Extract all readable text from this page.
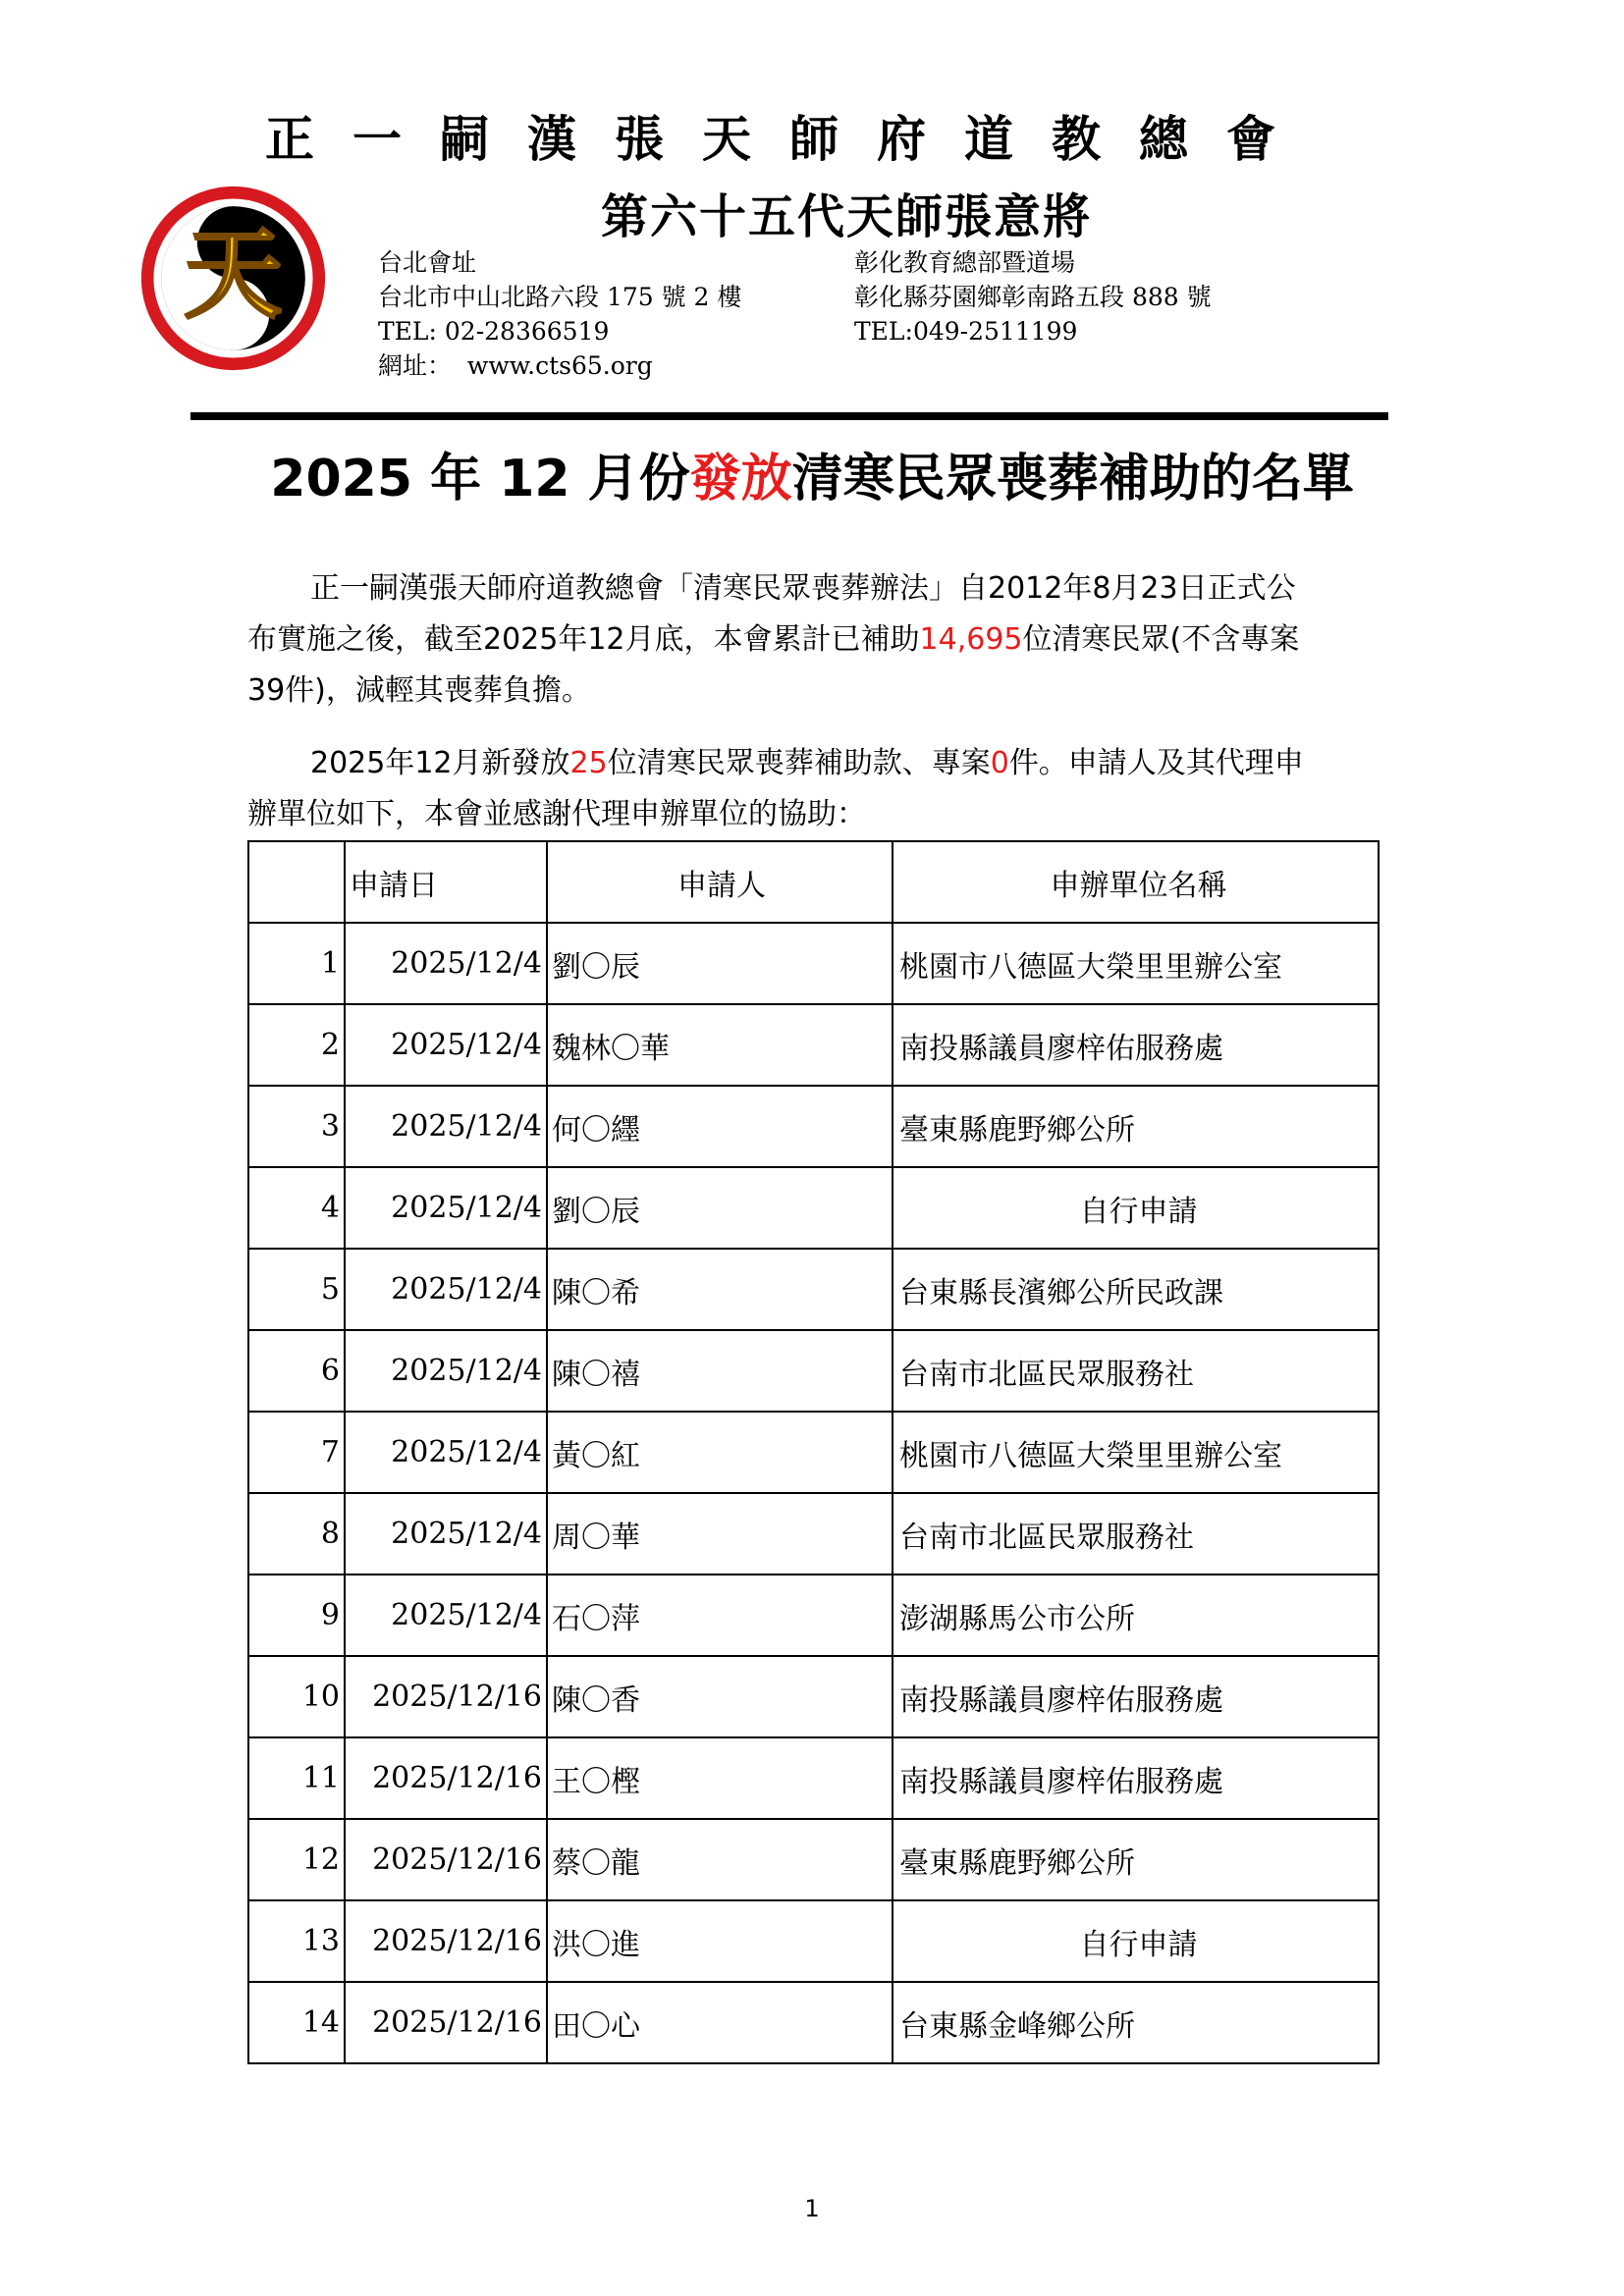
正一嗣漢張天師府道教總會
第六十五代天師張意將
天	台北會址
台北市中山北路六段 175 號 2 樓
TEL: 02-28366519
網址： www.cts65.org
彰化教育總部暨道場
彰化縣芬園鄉彰南路五段 888 號
TEL:049-2511199
2025 年 12 月份發放清寒民眾喪葬補助的名單
正一嗣漢張天師府道教總會「清寒民眾喪葬辦法」自2012年8月23日正式公
布實施之後，截至2025年12月底，本會累計已補助14,695位清寒民眾(不含專案
39件)，減輕其喪葬負擔。
2025年12月新發放25位清寒民眾喪葬補助款、專案0件。申請人及其代理申
辦單位如下，本會並感謝代理申辦單位的協助：
	申請日	申請人	申辦單位名稱
1	2025/12/4	劉〇辰	桃園市八德區大榮里里辦公室
2	2025/12/4	魏林〇華	南投縣議員廖梓佑服務處
3	2025/12/4	何〇纆	臺東縣鹿野鄉公所
4	2025/12/4	劉〇辰	自行申請
5	2025/12/4	陳〇希	台東縣長濱鄉公所民政課
6	2025/12/4	陳〇禧	台南市北區民眾服務社
7	2025/12/4	黃〇紅	桃園市八德區大榮里里辦公室
8	2025/12/4	周〇華	台南市北區民眾服務社
9	2025/12/4	石〇萍	澎湖縣馬公市公所
10	2025/12/16	陳〇香	南投縣議員廖梓佑服務處
11	2025/12/16	王〇樫	南投縣議員廖梓佑服務處
12	2025/12/16	蔡〇龍	臺東縣鹿野鄉公所
13	2025/12/16	洪〇進	自行申請
14	2025/12/16	田〇心	台東縣金峰鄉公所
1
